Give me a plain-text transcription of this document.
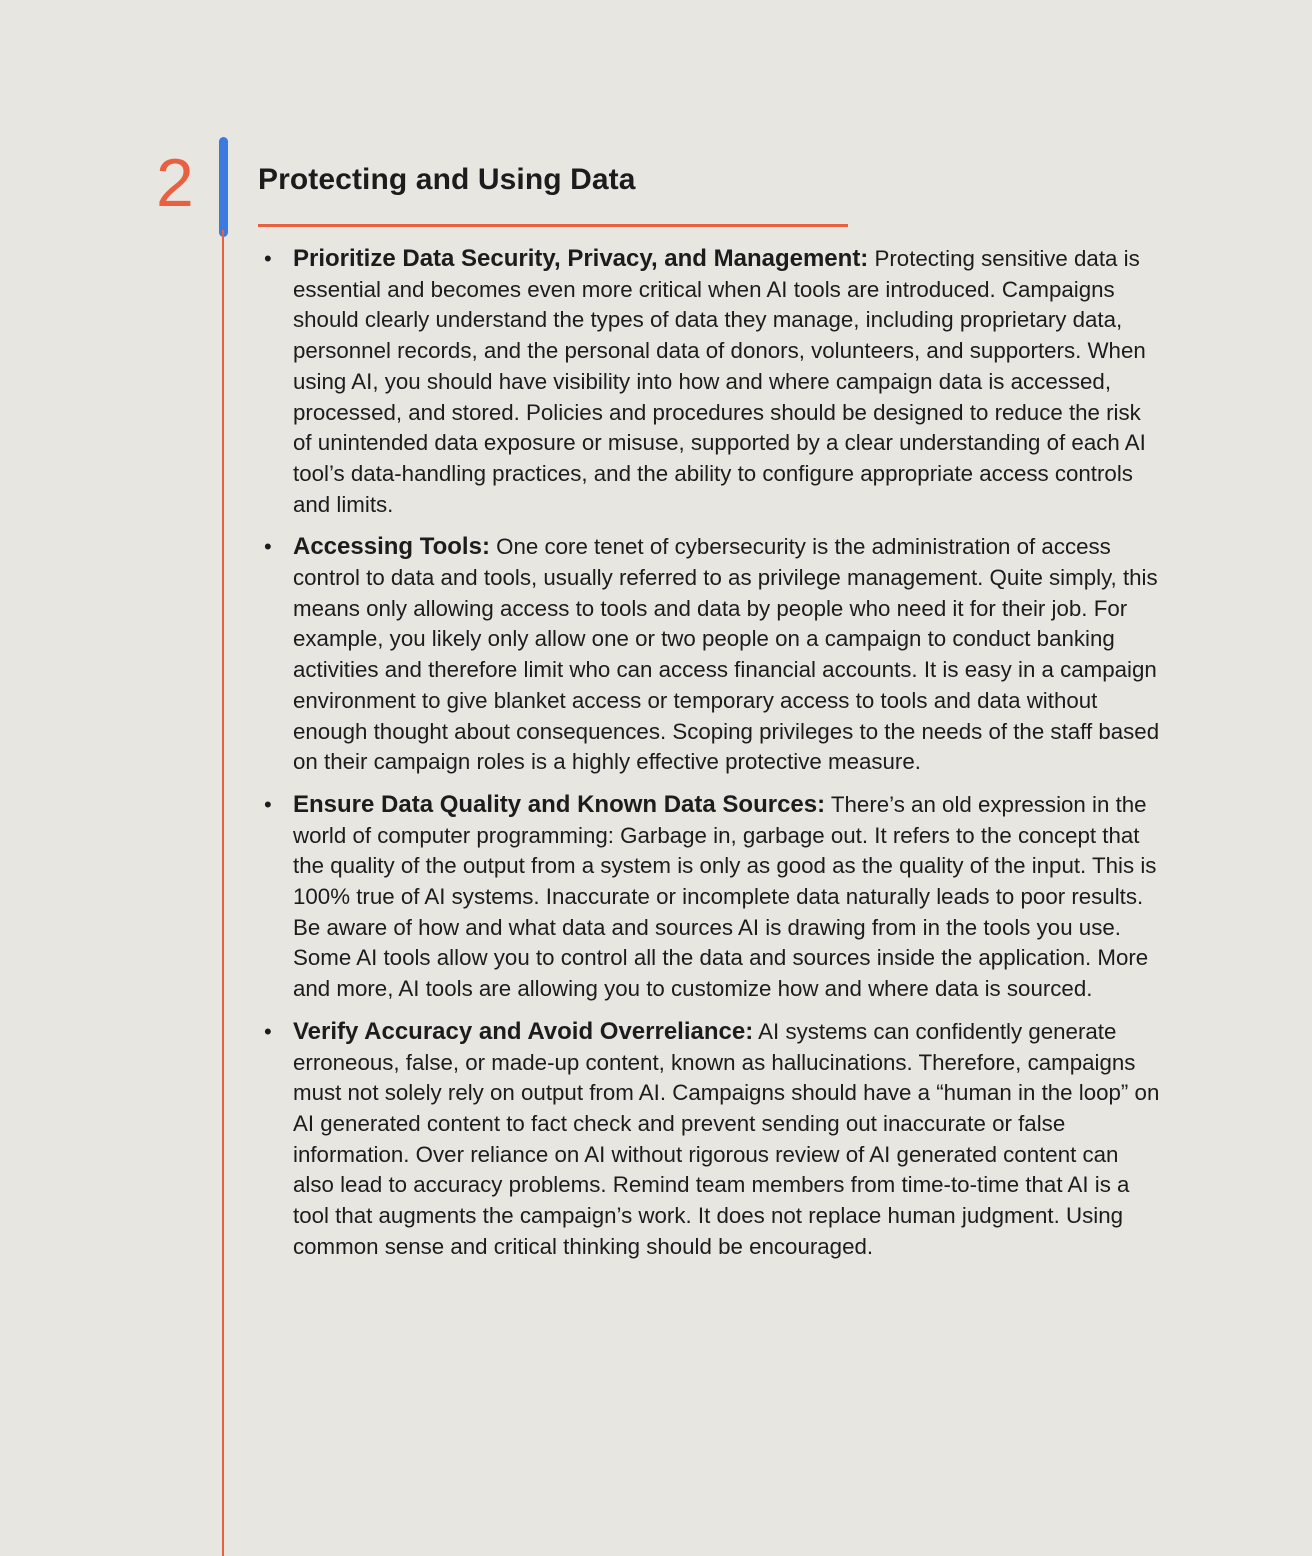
2 Protecting and Using Data
• Prioritize Data Security, Privacy, and Management: Protecting sensitive data is essential and becomes even more critical when AI tools are introduced. Campaigns should clearly understand the types of data they manage, including proprietary data, personnel records, and the personal data of donors, volunteers, and supporters. When using AI, you should have visibility into how and where campaign data is accessed, processed, and stored. Policies and procedures should be designed to reduce the risk of unintended data exposure or misuse, supported by a clear understanding of each AI tool’s data-handling practices, and the ability to configure appropriate access controls and limits.
• Accessing Tools: One core tenet of cybersecurity is the administration of access control to data and tools, usually referred to as privilege management. Quite simply, this means only allowing access to tools and data by people who need it for their job. For example, you likely only allow one or two people on a campaign to conduct banking activities and therefore limit who can access financial accounts. It is easy in a campaign environment to give blanket access or temporary access to tools and data without enough thought about consequences. Scoping privileges to the needs of the staff based on their campaign roles is a highly effective protective measure.
• Ensure Data Quality and Known Data Sources: There’s an old expression in the world of computer programming: Garbage in, garbage out. It refers to the concept that the quality of the output from a system is only as good as the quality of the input. This is 100% true of AI systems. Inaccurate or incomplete data naturally leads to poor results. Be aware of how and what data and sources AI is drawing from in the tools you use. Some AI tools allow you to control all the data and sources inside the application. More and more, AI tools are allowing you to customize how and where data is sourced.
• Verify Accuracy and Avoid Overreliance: AI systems can confidently generate erroneous, false, or made-up content, known as hallucinations. Therefore, campaigns must not solely rely on output from AI. Campaigns should have a “human in the loop” on AI generated content to fact check and prevent sending out inaccurate or false information. Over reliance on AI without rigorous review of AI generated content can also lead to accuracy problems. Remind team members from time-to-time that AI is a tool that augments the campaign’s work. It does not replace human judgment. Using common sense and critical thinking should be encouraged.
